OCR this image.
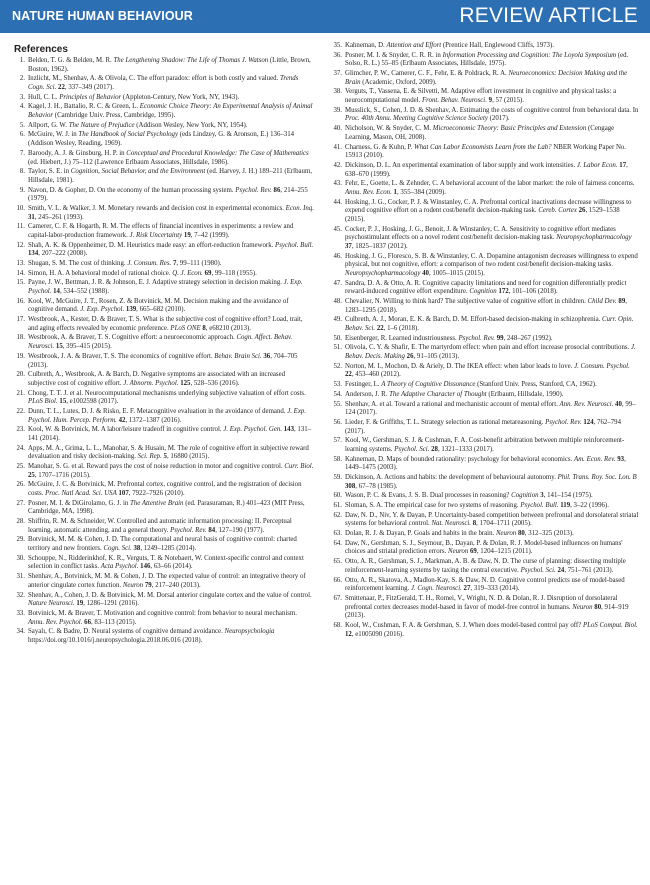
NATURE HUMAN BEHAVIOUR	REVIEW ARTICLE
References
1. Belden, T. G. & Belden, M. R. The Lengthening Shadow: The Life of Thomas J. Watson (Little, Brown, Boston, 1962).
2. Inzlicht, M., Shenhav, A. & Olivola, C. The effort paradox: effort is both costly and valued. Trends Cogn. Sci. 22, 337–349 (2017).
3. Hull, C. L. Principles of Behavior (Appleton-Century, New York, NY, 1943).
4. Kagel, J. H., Battalio, R. C. & Green, L. Economic Choice Theory: An Experimental Analysis of Animal Behavior (Cambridge Univ. Press, Cambridge, 1995).
5. Allport, G. W. The Nature of Prejudice (Addison Wesley, New York, NY, 1954).
6. McGuire, W. J. in The Handbook of Social Psychology (eds Lindzey, G. & Aronson, E.) 136–314 (Addison Wesley, Reading, 1969).
7. Baroody, A. J. & Ginsburg, H. P. in Conceptual and Procedural Knowledge: The Case of Mathematics (ed. Hiebert, J.) 75–112 (Lawrence Erlbaum Associates, Hillsdale, 1986).
8. Taylor, S. E. in Cognition, Social Behavior, and the Environment (ed. Harvey, J. H.) 189–211 (Erlbaum, Hillsdale, 1981).
9. Navon, D. & Gopher, D. On the economy of the human processing system. Psychol. Rev. 86, 214–255 (1979).
10. Smith, V. L. & Walker, J. M. Monetary rewards and decision cost in experimental economics. Econ. Inq. 31, 245–261 (1993).
11. Camerer, C. F. & Hogarth, R. M. The effects of financial incentives in experiments: a review and capital-labor-production framework. J. Risk Uncertainty 19, 7–42 (1999).
12. Shah, A. K. & Oppenheimer, D. M. Heuristics made easy: an effort-reduction framework. Psychol. Bull. 134, 207–222 (2008).
13. Shugan, S. M. The cost of thinking. J. Consum. Res. 7, 99–111 (1980).
14. Simon, H. A. A behavioral model of rational choice. Q. J. Econ. 69, 99–118 (1955).
15. Payne, J. W., Bettman, J. R. & Johnson, E. J. Adaptive strategy selection in decision making. J. Exp. Psychol. 14, 534–552 (1988).
16. Kool, W., McGuire, J. T., Rosen, Z. & Botvinick, M. M. Decision making and the avoidance of cognitive demand. J. Exp. Psychol. 139, 665–682 (2010).
17. Westbrook, A., Kester, D. & Braver, T. S. What is the subjective cost of cognitive effort? Load, trait, and aging effects revealed by economic preference. PLoS ONE 8, e68210 (2013).
18. Westbrook, A. & Braver, T. S. Cognitive effort: a neuroeconomic approach. Cogn. Affect. Behav. Neurosci. 15, 395–415 (2015).
19. Westbrook, J. A. & Braver, T. S. The economics of cognitive effort. Behav. Brain Sci. 36, 704–705 (2013).
20. Culbreth, A., Westbrook, A. & Barch, D. Negative symptoms are associated with an increased subjective cost of cognitive effort. J. Abnorm. Psychol. 125, 528–536 (2016).
21. Chong, T. T. J. et al. Neurocomputational mechanisms underlying subjective valuation of effort costs. PLoS Biol. 15, e1002598 (2017).
22. Dunn, T. L., Lutes, D. J. & Risko, E. F. Metacognitive evaluation in the avoidance of demand. J. Exp. Psychol. Hum. Percep. Perform. 42, 1372–1387 (2016).
23. Kool, W. & Botvinick, M. A labor/leisure tradeoff in cognitive control. J. Exp. Psychol. Gen. 143, 131–141 (2014).
24. Apps, M. A., Grima, L. L., Manohar, S. & Husain, M. The role of cognitive effort in subjective reward devaluation and risky decision-making. Sci. Rep. 5, 16880 (2015).
25. Manohar, S. G. et al. Reward pays the cost of noise reduction in motor and cognitive control. Curr. Biol. 25, 1707–1716 (2015).
26. McGuire, J. C. & Botvinick, M. Prefrontal cortex, cognitive control, and the registration of decision costs. Proc. Natl Acad. Sci. USA 107, 7922–7926 (2010).
27. Posner, M. I. & DiGirolamo, G. J. in The Attentive Brain (ed. Parasuraman, R.) 401–423 (MIT Press, Cambridge, MA, 1998).
28. Shiffrin, R. M. & Schneider, W. Controlled and automatic information processing: II. Perceptual learning, automatic attending, and a general theory. Psychol. Rev. 84, 127–190 (1977).
29. Botvinick, M. M. & Cohen, J. D. The computational and neural basis of cognitive control: charted territory and new frontiers. Cogn. Sci. 38, 1249–1285 (2014).
30. Schouppe, N., Ridderinkhof, K. R., Verguts, T. & Notebaert, W. Context-specific control and context selection in conflict tasks. Acta Psychol. 146, 63–66 (2014).
31. Shenhav, A., Botvinick, M. M. & Cohen, J. D. The expected value of control: an integrative theory of anterior cingulate cortex function. Neuron 79, 217–240 (2013).
32. Shenhav, A., Cohen, J. D. & Botvinick, M. M. Dorsal anterior cingulate cortex and the value of control. Nature Neurosci. 19, 1286–1291 (2016).
33. Botvinick, M. & Braver, T. Motivation and cognitive control: from behavior to neural mechanism. Annu. Rev. Psychol. 66, 83–113 (2015).
34. Sayalı, C. & Badre, D. Neural systems of cognitive demand avoidance. Neuropsychologia https://doi.org/10.1016/j.neuropsychologia.2018.06.016 (2018).
35. Kahneman, D. Attention and Effort (Prentice Hall, Englewood Cliffs, 1973).
36. Posner, M. I. & Snyder, C. R. R. in Information Processing and Cognition: The Loyola Symposium (ed. Solso, R. L.) 55–85 (Erlbaum Associates, Hillsdale, 1975).
37. Glimcher, P. W., Camerer, C. F., Fehr, E. & Poldrack, R. A. Neuroeconomics: Decision Making and the Brain (Academic, Oxford, 2009).
38. Verguts, T., Vassena, E. & Silvetti, M. Adaptive effort investment in cognitive and physical tasks: a neurocomputational model. Front. Behav. Neurosci. 9, 57 (2015).
39. Musslick, S., Cohen, J. D. & Shenhav, A. Estimating the costs of cognitive control from behavioral data. In Proc. 40th Annu. Meeting Cognitive Science Society (2017).
40. Nicholson, W. & Snyder, C. M. Microeconomic Theory: Basic Principles and Extension (Cengage Learning, Mason, OH, 2008).
41. Charness, G. & Kuhn, P. What Can Labor Economists Learn from the Lab? NBER Working Paper No. 15913 (2010).
42. Dickinson, D. L. An experimental examination of labor supply and work intensities. J. Labor Econ. 17, 638–670 (1999).
43. Fehr, E., Goette, L. & Zehnder, C. A behavioral account of the labor market: the role of fairness concerns. Annu. Rev. Econ. 1, 355–384 (2009).
44. Hosking, J. G., Cocker, P. J. & Winstanley, C. A. Prefrontal cortical inactivations decrease willingness to expend cognitive effort on a rodent cost/benefit decision-making task. Cereb. Cortex 26, 1529–1538 (2015).
45. Cocker, P. J., Hosking, J. G., Benoit, J. & Winstanley, C. A. Sensitivity to cognitive effort mediates psychostimulant effects on a novel rodent cost/benefit decision-making task. Neuropsychopharmacology 37, 1825–1837 (2012).
46. Hosking, J. G., Floresco, S. B. & Winstanley, C. A. Dopamine antagonism decreases willingness to expend physical, but not cognitive, effort: a comparison of two rodent cost/benefit decision-making tasks. Neuropsychopharmacology 40, 1005–1015 (2015).
47. Sandra, D. A. & Otto, A. R. Cognitive capacity limitations and need for cognition differentially predict reward-induced cognitive effort expenditure. Cognition 172, 101–106 (2018).
48. Chevalier, N. Willing to think hard? The subjective value of cognitive effort in children. Child Dev. 89, 1283–1295 (2018).
49. Culbreth, A. J., Moran, E. K. & Barch, D. M. Effort-based decision-making in schizophrenia. Curr. Opin. Behav. Sci. 22, 1–6 (2018).
50. Eisenberger, R. Learned industriousness. Psychol. Rev. 99, 248–267 (1992).
51. Olivola, C. Y. & Shafir, E. The martyrdom effect: when pain and effort increase prosocial contributions. J. Behav. Decis. Making 26, 91–105 (2013).
52. Norton, M. I., Mochon, D. & Ariely, D. The IKEA effect: when labor leads to love. J. Consum. Psychol. 22, 453–460 (2012).
53. Festinger, L. A Theory of Cognitive Dissonance (Stanford Univ. Press, Stanford, CA, 1962).
54. Anderson, J. R. The Adaptive Character of Thought (Erlbaum, Hillsdale, 1990).
55. Shenhav, A. et al. Toward a rational and mechanistic account of mental effort. Ann. Rev. Neurosci. 40, 99–124 (2017).
56. Lieder, F. & Griffiths, T. L. Strategy selection as rational metareasoning. Psychol. Rev. 124, 762–794 (2017).
57. Kool, W., Gershman, S. J. & Cushman, F. A. Cost-benefit arbitration between multiple reinforcement-learning systems. Psychol. Sci. 28, 1321–1333 (2017).
58. Kahneman, D. Maps of bounded rationality: psychology for behavioral economics. Am. Econ. Rev. 93, 1449–1475 (2003).
59. Dickinson, A. Actions and habits: the development of behavioural autonomy. Phil. Trans. Roy. Soc. Lon. B 308, 67–78 (1985).
60. Wason, P. C. & Evans, J. S. B. Dual processes in reasoning? Cognition 3, 141–154 (1975).
61. Sloman, S. A. The empirical case for two systems of reasoning. Psychol. Bull. 119, 3–22 (1996).
62. Daw, N. D., Niv, Y. & Dayan, P. Uncertainty-based competition between prefrontal and dorsolateral striatal systems for behavioral control. Nat. Neurosci. 8, 1704–1711 (2005).
63. Dolan, R. J. & Dayan, P. Goals and habits in the brain. Neuron 80, 312–325 (2013).
64. Daw, N., Gershman, S. J., Seymour, B., Dayan, P. & Dolan, R. J. Model-based influences on humans' choices and striatal prediction errors. Neuron 69, 1204–1215 (2011).
65. Otto, A. R., Gershman, S. J., Markman, A. B. & Daw, N. D. The curse of planning: dissecting multiple reinforcement-learning systems by taxing the central executive. Psychol. Sci. 24, 751–761 (2013).
66. Otto, A. R., Skatova, A., Madlon-Kay, S. & Daw, N. D. Cognitive control predicts use of model-based reinforcement learning. J. Cogn. Neurosci. 27, 319–333 (2014).
67. Smittenaar, P., FitzGerald, T. H., Romei, V., Wright, N. D. & Dolan, R. J. Disruption of dorsolateral prefrontal cortex decreases model-based in favor of model-free control in humans. Neuron 80, 914–919 (2013).
68. Kool, W., Cushman, F. A. & Gershman, S. J. When does model-based control pay off? PLoS Comput. Biol. 12, e1005090 (2016).
